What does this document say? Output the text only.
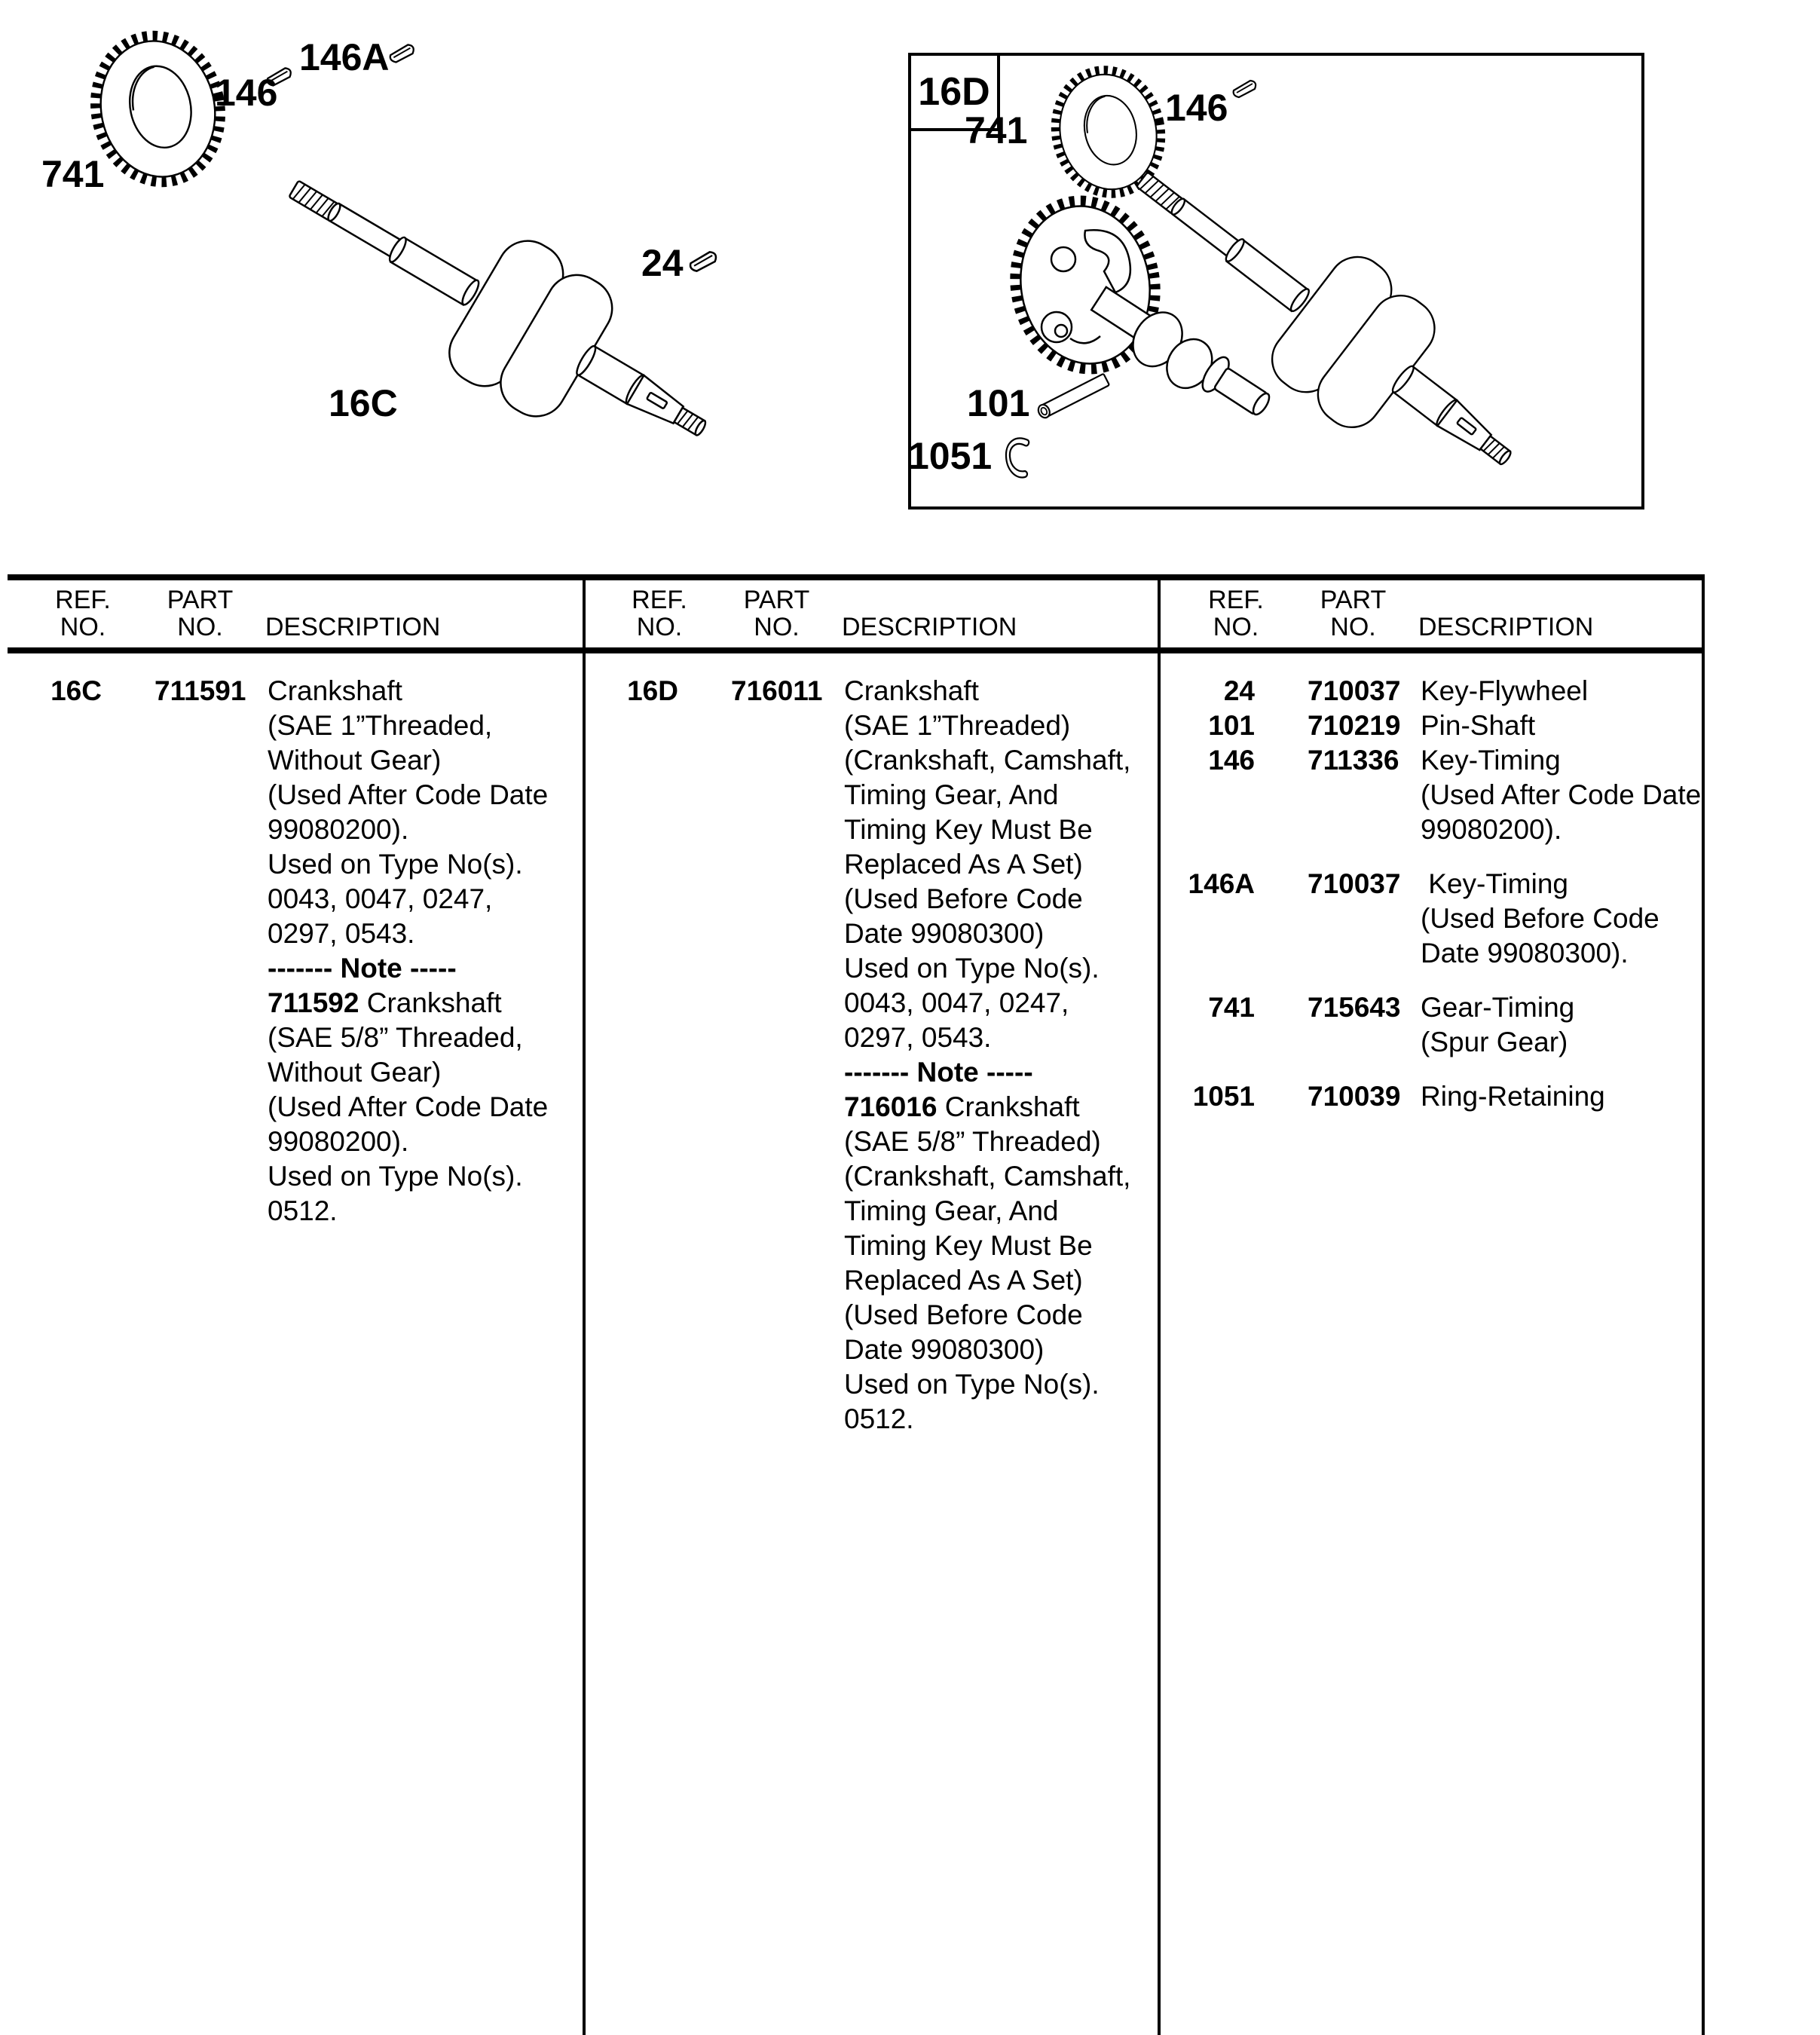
741
146
146A
24
16C
16D
741
146
101
1051
REF.
NO.
PART
NO.	DESCRIPTION
REF.
NO.
PART
NO.	DESCRIPTION
REF.
NO.
PART
NO.	DESCRIPTION
16C 711591 Crankshaft
(SAE 1”Threaded,
Without Gear)
(Used After Code Date
99080200).
Used on Type No(s).
0043, 0047, 0247,
0297, 0543.
------- Note -----
711592 Crankshaft
(SAE 5/8” Threaded,
Without Gear)
(Used After Code Date
99080200).
Used on Type No(s).
0512.
16D 716011 Crankshaft
(SAE 1”Threaded)
(Crankshaft, Camshaft,
Timing Gear, And
Timing Key Must Be
Replaced As A Set)
(Used Before Code
Date 99080300)
Used on Type No(s).
0043, 0047, 0247,
0297, 0543.
------- Note -----
716016 Crankshaft
(SAE 5/8” Threaded)
(Crankshaft, Camshaft,
Timing Gear, And
Timing Key Must Be
Replaced As A Set)
(Used Before Code
Date 99080300)
Used on Type No(s).
0512.
24 710037 Key-Flywheel
101 710219 Pin-Shaft
146 711336 Key-Timing
(Used After Code Date
99080200).
146A 710037 Key-Timing
(Used Before Code
Date 99080300).
741 715643 Gear-Timing
(Spur Gear)
1051 710039 Ring-Retaining
